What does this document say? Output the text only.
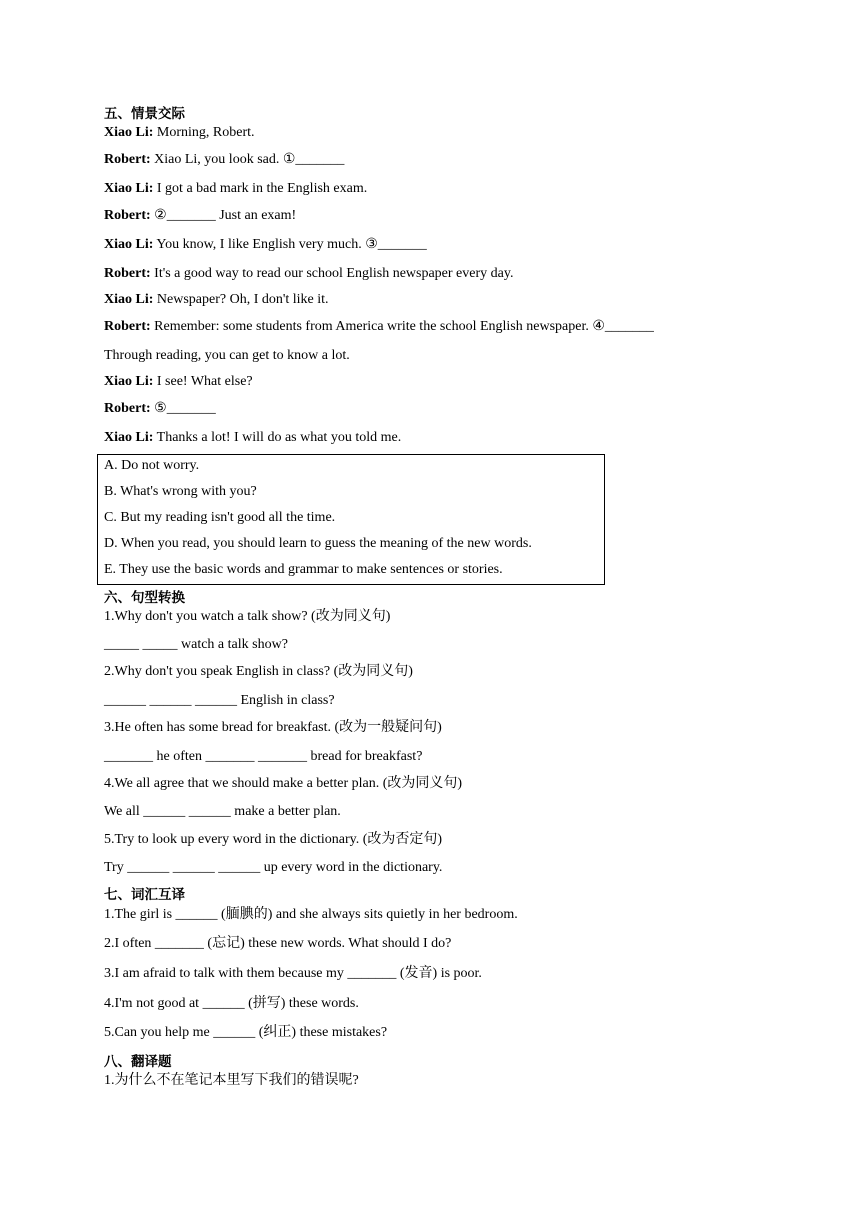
五、情景交际
Xiao Li: Morning, Robert.
Robert: Xiao Li, you look sad. ①_______
Xiao Li: I got a bad mark in the English exam.
Robert: ②_______ Just an exam!
Xiao Li: You know, I like English very much. ③_______
Robert: It's a good way to read our school English newspaper every day.
Xiao Li: Newspaper? Oh, I don't like it.
Robert: Remember: some students from America write the school English newspaper. ④_______
Through reading, you can get to know a lot.
Xiao Li: I see! What else?
Robert: ⑤_______
Xiao Li: Thanks a lot! I will do as what you told me.
A. Do not worry.
B. What's wrong with you?
C. But my reading isn't good all the time.
D. When you read, you should learn to guess the meaning of the new words.
E. They use the basic words and grammar to make sentences or stories.
六、句型转换
1.Why don't you watch a talk show? (改为同义句)
_____ _____ watch a talk show?
2.Why don't you speak English in class? (改为同义句)
______ ______ ______ English in class?
3.He often has some bread for breakfast. (改为一般疑问句)
_______ he often _______ _______ bread for breakfast?
4.We all agree that we should make a better plan. (改为同义句)
We all ______ ______ make a better plan.
5.Try to look up every word in the dictionary. (改为否定句)
Try ______ ______ ______ up every word in the dictionary.
七、词汇互译
1.The girl is ______ (腼腆的) and she always sits quietly in her bedroom.
2.I often _______ (忘记) these new words. What should I do?
3.I am afraid to talk with them because my _______ (发音) is poor.
4.I'm not good at ______ (拼写) these words.
5.Can you help me ______ (纠正) these mistakes?
八、翻译题
1.为什么不在笔记本里写下我们的错误呢?
